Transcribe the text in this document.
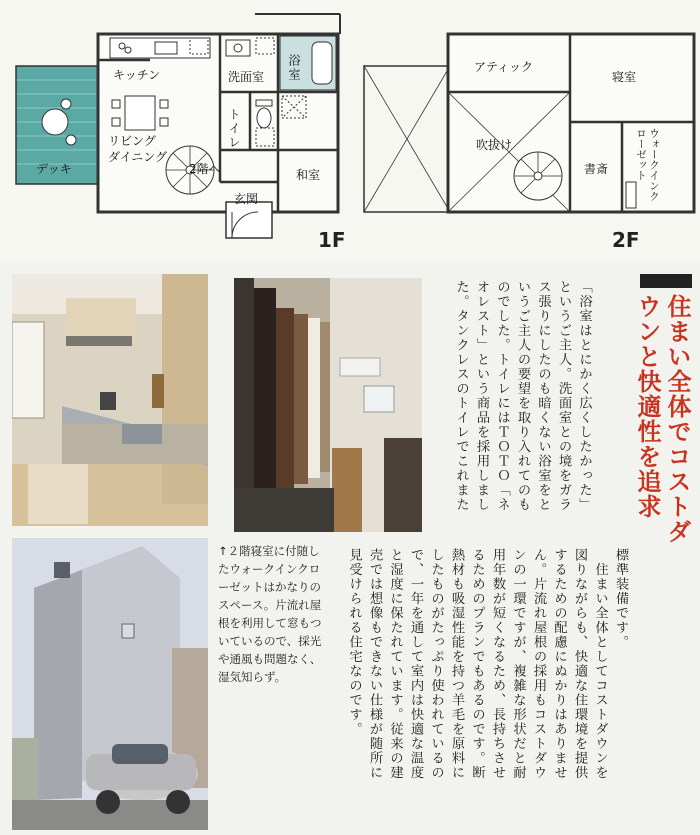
キッチン	洗面室 浴室
トイレ
リビング
ダイニング
2階へ
デッキ	和室
玄関
1F
アティック
寝室
吹抜け
書斎	ウォークインクローゼット
2F
↑２階寝室に付随したウォークインクローゼットはかなりのスペース。片流れ屋根を利用して窓もついているので、採光や通風も問題なく、湿気知らず。
住まい全体でコストダ ウンと快適性を追求
「浴室はとにかく広くしたかった」
というご主人。洗面室との境をガラ
ス張りにしたのも暗くない浴室をと
いうご主人の要望を取り入れてのも
のでした。トイレにはＴＯＴＯ「ネ
オレスト」という商品を採用しまし
た。タンクレスのトイレでこれまた
標準装備です。
　住まい全体としてコストダウンを
図りながらも、快適な住環境を提供
するための配慮にぬかりはありませ
ん。片流れ屋根の採用もコストダウ
ンの一環ですが、複雑な形状だと耐
用年数が短くなるため、長持ちさせ
るためのプランでもあるのです。断
熱材も吸湿性能を持つ羊毛を原料に
したものがたっぷり使われているの
で、一年を通して室内は快適な温度
と湿度に保たれています。従来の建
売では想像もできない仕様が随所に
見受けられる住宅なのです。
